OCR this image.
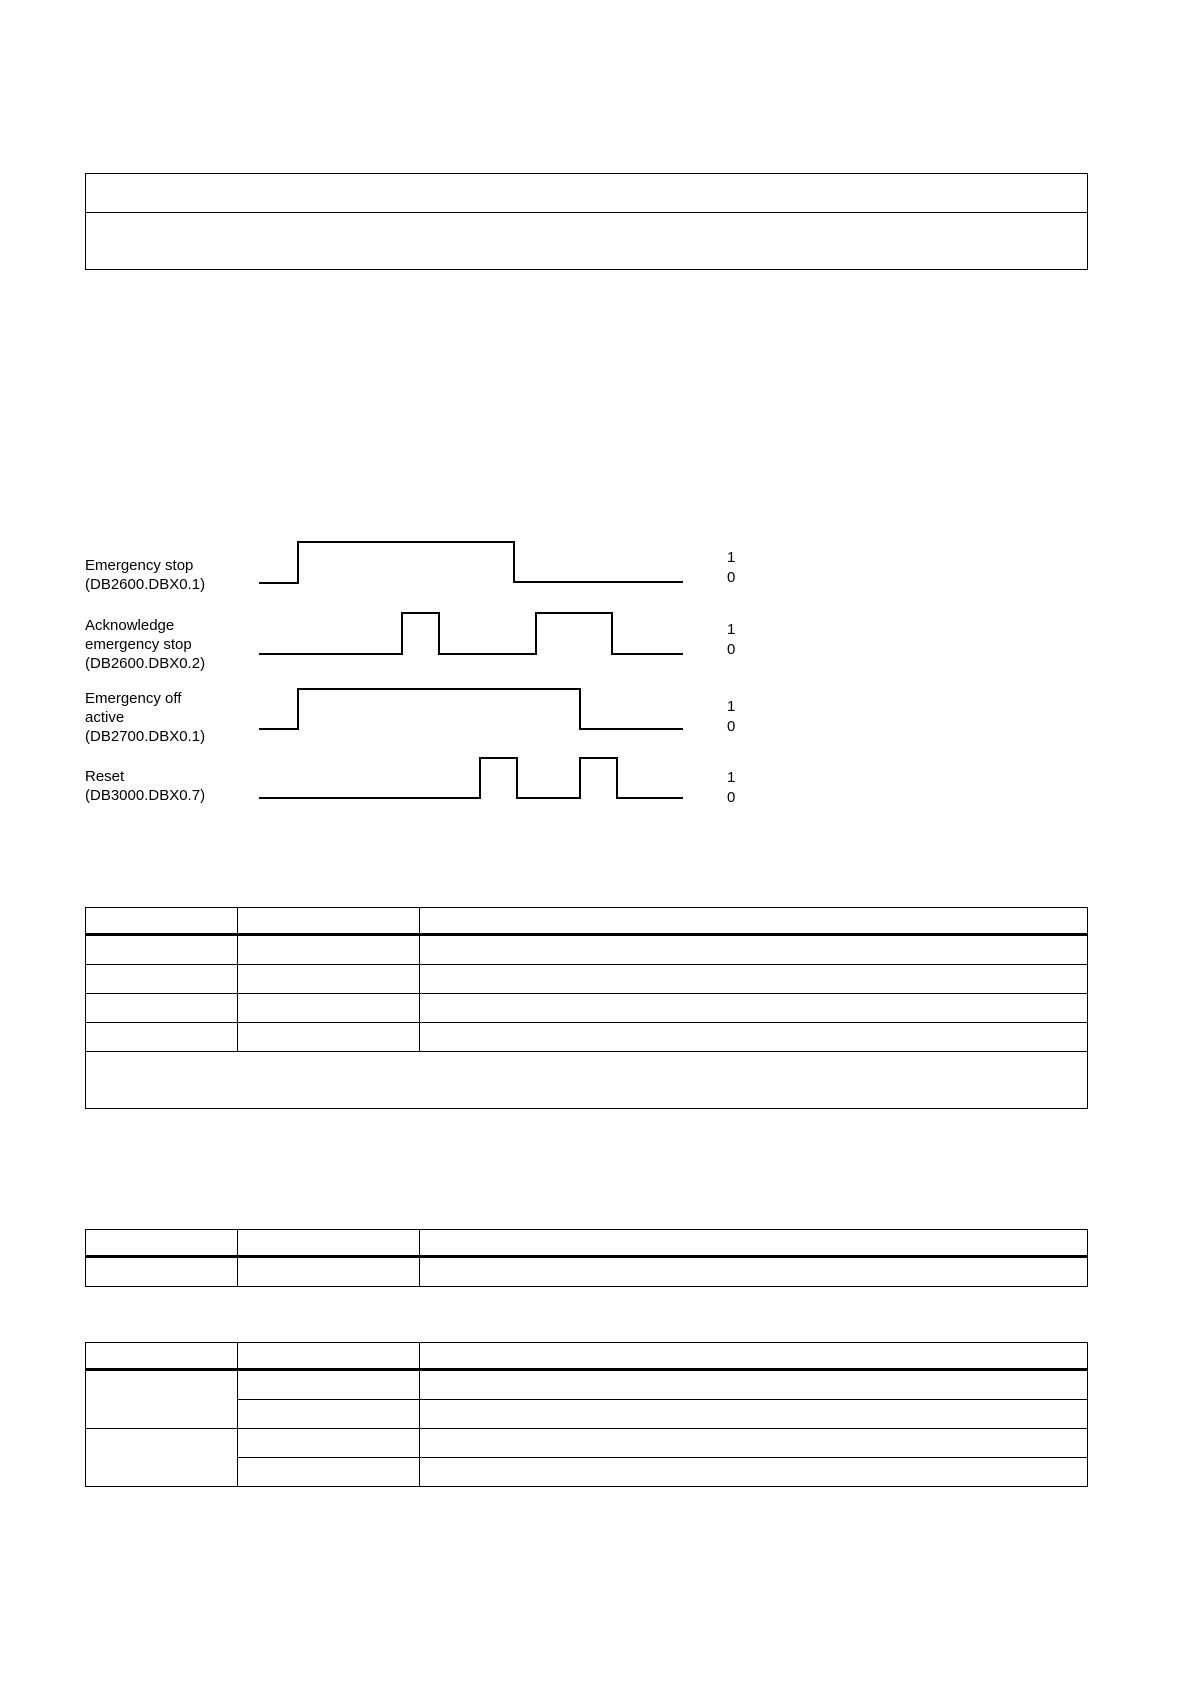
Emergency stop
(DB2600.DBX0.1)
1
0
Acknowledge
emergency stop
(DB2600.DBX0.2)
1
0
Emergency off
active
(DB2700.DBX0.1)
1
0
Reset
(DB3000.DBX0.7)
1
0
